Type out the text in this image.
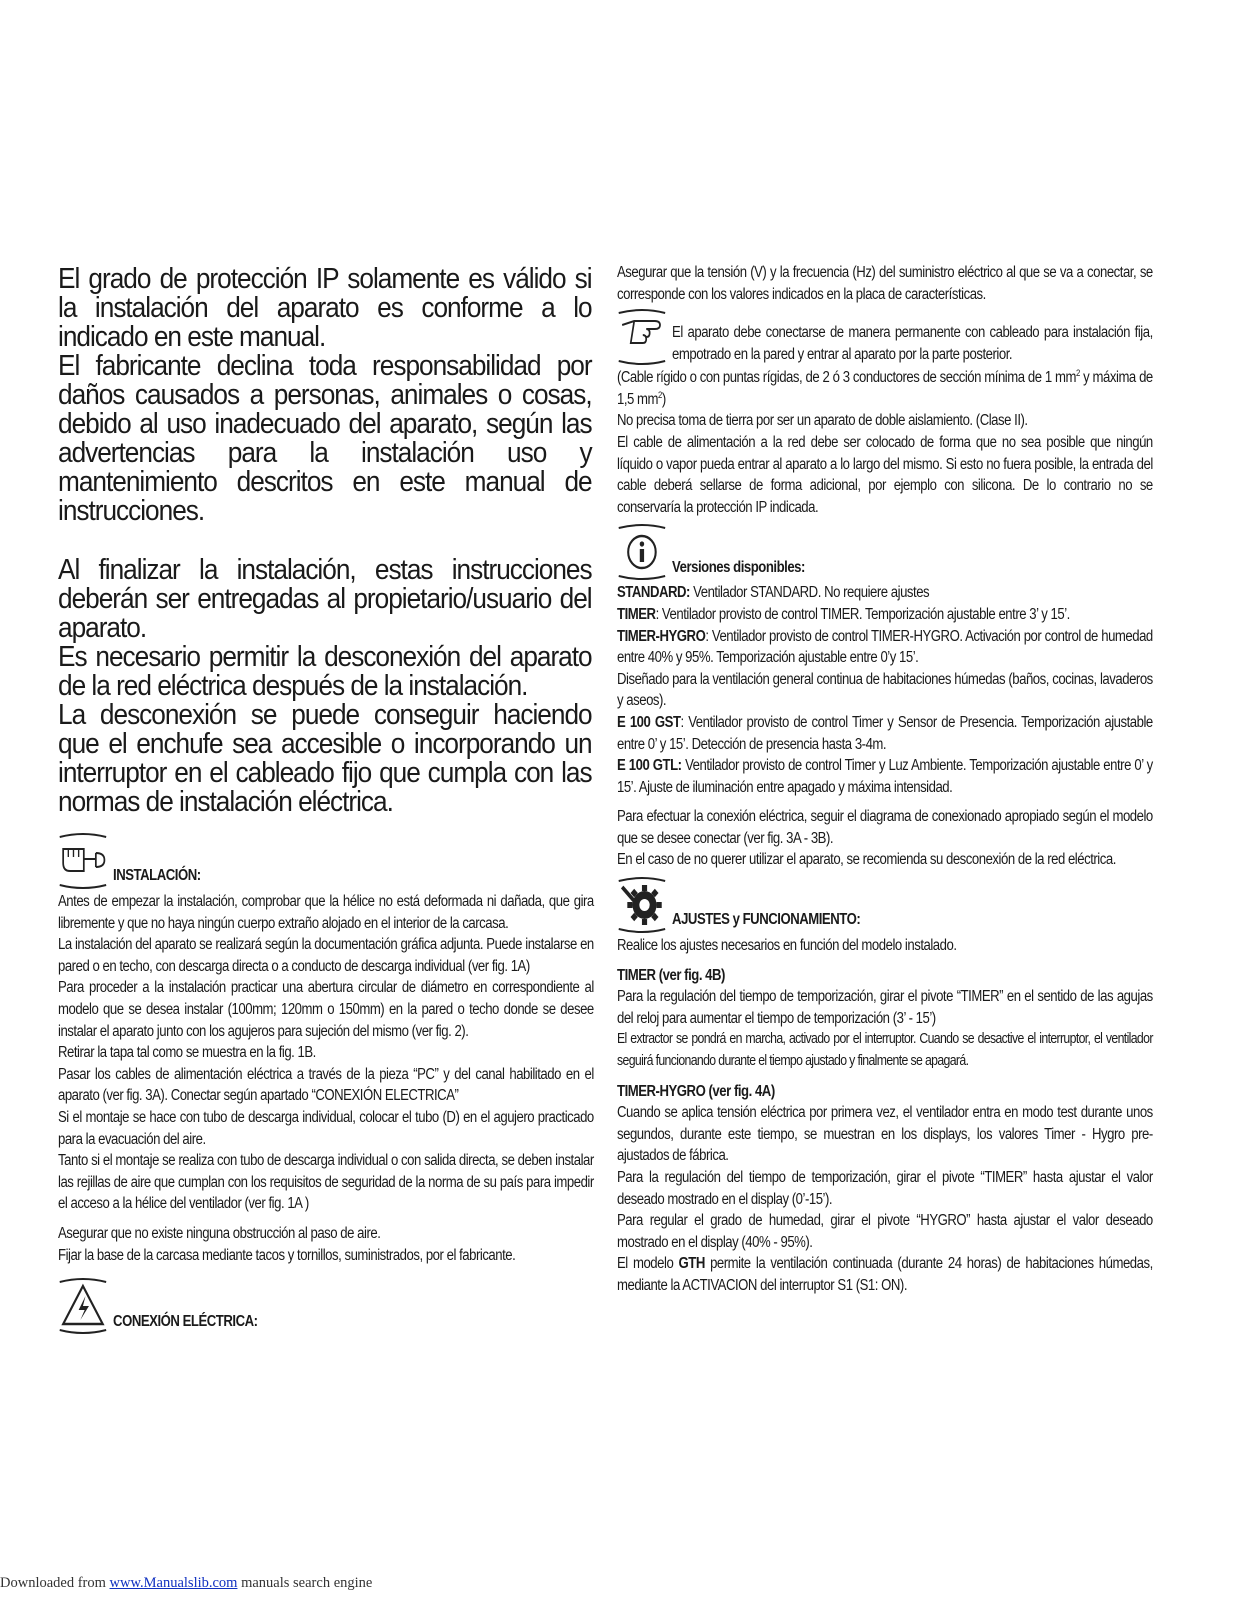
El grado de protección IP solamente es válido si la instalación del aparato es conforme a lo indicado en este manual.

El fabricante declina toda responsabilidad por daños causados a personas, animales o cosas, debido al uso inadecuado del aparato, según las advertencias para la instalación uso y mantenimiento descritos en este manual de instrucciones.

Al finalizar la instalación, estas instrucciones deberán ser entregadas al propietario/usuario del aparato.

Es necesario permitir la desconexión del aparato de la red eléctrica después de la instalación.

La desconexión se puede conseguir haciendo que el enchufe sea accesible o incorporando un interruptor en el cableado fijo que cumpla con las normas de instalación eléctrica.

INSTALACIÓN:

Antes de empezar la instalación, comprobar que la hélice no está deformada ni dañada, que gira libremente y que no haya ningún cuerpo extraño alojado en el interior de la carcasa.

La instalación del aparato se realizará según la documentación gráfica adjunta. Puede instalarse en pared o en techo, con descarga directa o a conducto de descarga individual (ver fig. 1A)

Para proceder a la instalación practicar una abertura circular de diámetro en correspondiente al modelo que se desea instalar (100mm; 120mm o 150mm) en la pared o techo donde se desee instalar el aparato junto con los agujeros para sujeción del mismo (ver fig. 2).

Retirar la tapa tal como se muestra en la fig. 1B.

Pasar los cables de alimentación eléctrica a través de la pieza “PC” y del canal habilitado en el aparato (ver fig. 3A). Conectar según apartado “CONEXIÓN ELECTRICA”

Si el montaje se hace con tubo de descarga individual, colocar el tubo (D) en el agujero practicado para la evacuación del aire.

Tanto si el montaje se realiza con tubo de descarga individual o con salida directa, se deben instalar las rejillas de aire que cumplan con los requisitos de seguridad de la norma de su país para impedir el acceso a la hélice del ventilador (ver fig. 1A )

Asegurar que no existe ninguna obstrucción al paso de aire.

Fijar la base de la carcasa mediante tacos y tornillos, suministrados, por el fabricante.

CONEXIÓN ELÉCTRICA:

Asegurar que la tensión (V) y la frecuencia (Hz) del suministro eléctrico al que se va a conectar, se corresponde con los valores indicados en la placa de características.

El aparato debe conectarse de manera permanente con cableado para instalación fija, empotrado en la pared y entrar al aparato por la parte posterior.

(Cable rígido o con puntas rígidas, de 2 ó 3 conductores de sección mínima de 1 $mm^2$ y máxima de 1,5 $mm^2$)

No precisa toma de tierra por ser un aparato de doble aislamiento. (Clase II).

El cable de alimentación a la red debe ser colocado de forma que no sea posible que ningún líquido o vapor pueda entrar al aparato a lo largo del mismo. Si esto no fuera posible, la entrada del cable deberá sellarse de forma adicional, por ejemplo con silicona. De lo contrario no se conservaría la protección IP indicada.

Versiones disponibles:

STANDARD: Ventilador STANDARD. No requiere ajustes

TIMER: Ventilador provisto de control TIMER. Temporización ajustable entre 3’ y 15’.

TIMER-HYGRO: Ventilador provisto de control TIMER-HYGRO. Activación por control de humedad entre 40% y 95%. Temporización ajustable entre 0’y 15’.

Diseñado para la ventilación general continua de habitaciones húmedas (baños, cocinas, lavaderos y aseos).

E 100 GST: Ventilador provisto de control Timer y Sensor de Presencia. Temporización ajustable entre 0’ y 15’. Detección de presencia hasta 3-4m.

E 100 GTL: Ventilador provisto de control Timer y Luz Ambiente. Temporización ajustable entre 0’ y 15’. Ajuste de iluminación entre apagado y máxima intensidad.

Para efectuar la conexión eléctrica, seguir el diagrama de conexionado apropiado según el modelo que se desee conectar (ver fig. 3A - 3B).

En el caso de no querer utilizar el aparato, se recomienda su desconexión de la red eléctrica.

AJUSTES y FUNCIONAMIENTO:

Realice los ajustes necesarios en función del modelo instalado.

TIMER (ver fig. 4B)

Para la regulación del tiempo de temporización, girar el pivote “TIMER” en el sentido de las agujas del reloj para aumentar el tiempo de temporización (3’ - 15’)

El extractor se pondrá en marcha, activado por el interruptor. Cuando se desactive el interruptor, el ventilador seguirá funcionando durante el tiempo ajustado y finalmente se apagará.

TIMER-HYGRO (ver fig. 4A)

Cuando se aplica tensión eléctrica por primera vez, el ventilador entra en modo test durante unos segundos, durante este tiempo, se muestran en los displays, los valores Timer - Hygro pre-ajustados de fábrica.

Para la regulación del tiempo de temporización, girar el pivote “TIMER” hasta ajustar el valor deseado mostrado en el display (0’-15’).

Para regular el grado de humedad, girar el pivote “HYGRO” hasta ajustar el valor deseado mostrado en el display (40% - 95%).

El modelo GTH permite la ventilación continuada (durante 24 horas) de habitaciones húmedas, mediante la ACTIVACION del interruptor S1 (S1: ON).

Downloaded from www.Manualslib.com manuals search engine
